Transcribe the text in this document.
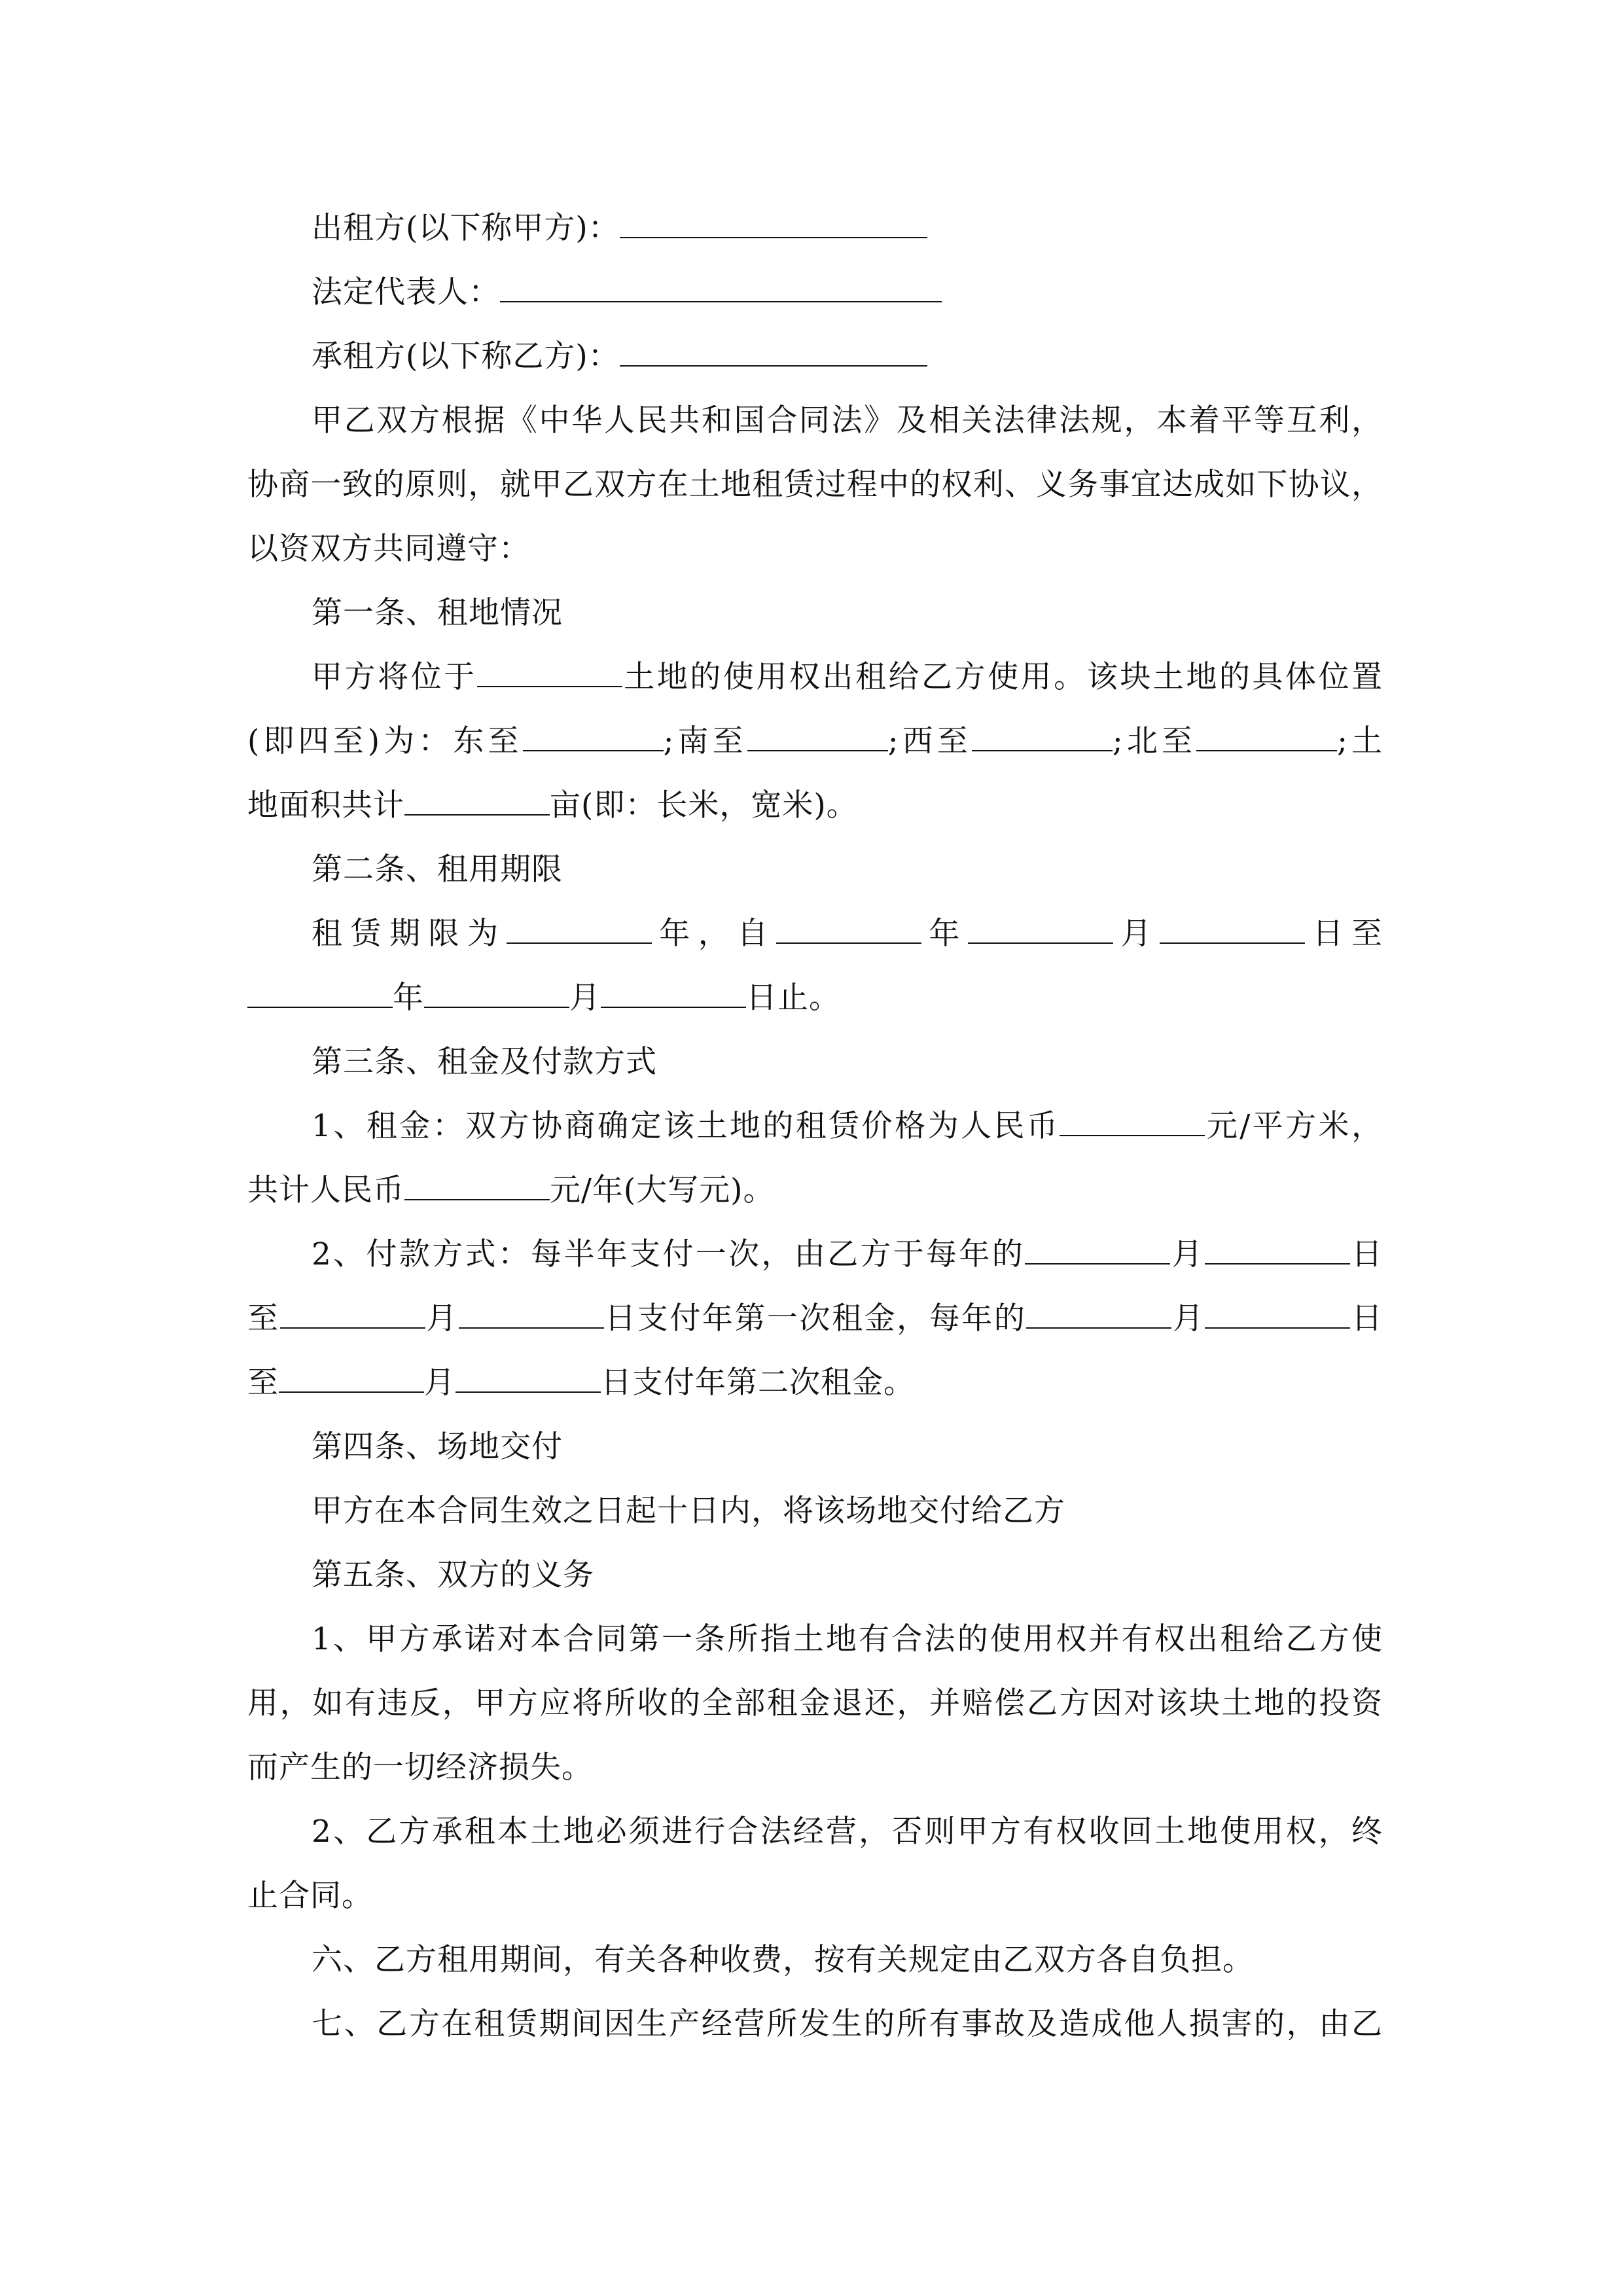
出租方(以下称甲方)：
法定代表人：
承租方(以下称乙方)：
甲乙双方根据《中华人民共和国合同法》及相关法律法规，本着平等互利，
协商一致的原则，就甲乙双方在土地租赁过程中的权利、义务事宜达成如下协议，
以资双方共同遵守：
第一条、租地情况
甲方将位于	土地的使用权出租给乙方使用。该块土地的具体位置
(即四至)为：东至	;南至	;西至	;北至	;土
地面积共计	亩(即：长米，宽米)。
第二条、租用期限
租赁期限为	年，自	年	月	日至
年	月	日止。
第三条、租金及付款方式
1、租金：双方协商确定该土地的租赁价格为人民币	元/平方米，
共计人民币	元/年(大写元)。
2、付款方式：每半年支付一次，由乙方于每年的	月	日
至	月	日支付年第一次租金，每年的	月	日
至	月	日支付年第二次租金。
第四条、场地交付
甲方在本合同生效之日起十日内，将该场地交付给乙方
第五条、双方的义务
1、甲方承诺对本合同第一条所指土地有合法的使用权并有权出租给乙方使
用，如有违反，甲方应将所收的全部租金退还，并赔偿乙方因对该块土地的投资
而产生的一切经济损失。
2、乙方承租本土地必须进行合法经营，否则甲方有权收回土地使用权，终
止合同。
六、乙方租用期间，有关各种收费，按有关规定由乙双方各自负担。
七、乙方在租赁期间因生产经营所发生的所有事故及造成他人损害的，由乙
